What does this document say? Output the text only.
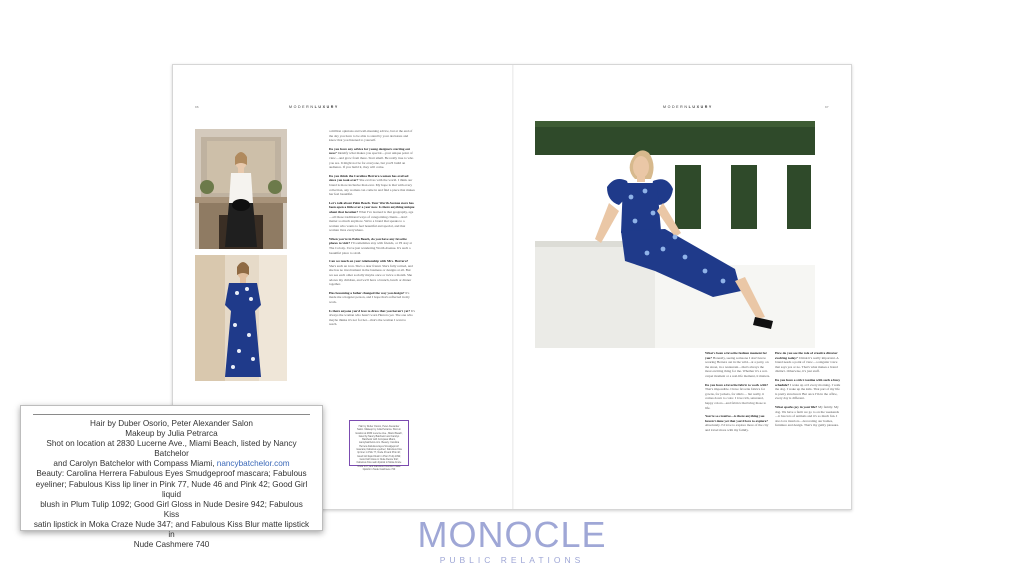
96	MODERNLUXURY

a million opinions and well-meaning advice, but at the end of the day you have to be able to stand by your decisions and know that you listened to yourself.

Do you have any advice for young designers starting out now? Identify what makes you special—your unique point of view—and grow from there. Start small. Be really true to who you are. It might not be for everyone, but you'll build an audience. If you build it, they will come.

Do you think the Carolina Herrera woman has evolved since you took over? She evolves with the world. I think our brand is more inclusive than ever. My hope is that with every collection, any woman can come in and find a piece that makes her feel beautiful.

Let's talk about Palm Beach. Your Worth Avenue store has been open a little over a year now. Is there anything unique about that location? What I've learned is that geography, age—all those traditional ways of categorizing clients—don't matter so much anymore. We're a brand that speaks to a woman who wants to feel beautiful and special, and that woman lives everywhere.

When you're in Palm Beach, do you have any favorite places to visit? I'll sometimes stay with friends, or I'll stay at The Colony. I love just wandering Worth Avenue. It's such a beautiful place to stroll.

Can we touch on your relationship with Mrs. Herrera? She's such an icon. She's a dear friend. She's fully retired, and she has no involvement in the business or designs at all. But we see each other socially maybe once or twice a month. She adores my children, and we'll have a brunch, lunch or dinner together.

Has becoming a father changed the way you design? It's made me a happier person, and I hope that's reflected in my work.

Is there anyone you'd love to dress that you haven't yet? It's always the woman who hasn't worn Herrera yet. The one who maybe thinks it's not for her—that's the woman I want to reach.

Hair by Duber Osorio, Peter Alexander Salon. Makeup by Julia Petrarca. Shot on location at 2830 Lucerne Ave., Miami Beach, listed by Nancy Batchelor and Carolyn Batchelor with Compass Miami, nancybatchelor.com. Beauty: Carolina Herrera Fabulous Eyes Smudgeproof mascara; Fabulous eyeliner; Fabulous Kiss lip liner in Pink 77, Nude 46 and Pink 42; Good Girl liquid blush in Plum Tulip 1092; Good Girl Gloss in Nude Desire 942; Fabulous Kiss satin lipstick in Moka Craze Nude 347; and Fabulous Kiss Blur matte lipstick in Nude Cashmere 740
MODERNLUXURY	97

What's been a favorite fashion moment for you? Honestly, seeing someone I don't know wearing Herrera out in the wild—at a party, on the street, in a restaurant—that's always the most exciting thing for me. Whether it's a red-carpet moment or a real-life moment, it matters.

Do you have a favorite fabric to work with? That's impossible. I have favorite fabrics for gowns, for jackets, for shirts… but really, it comes down to color. I love rich, saturated, happy colors—and fabrics that bring those to life.

You're so creative—is there anything you haven't done yet that you'd love to explore? Absolutely. I'd love to explore more of the city and travel more with my family.

How do you see the role of creative director evolving today? I think it's really important. A brand needs a point of view—a singular voice that says yes or no. That's what makes a brand distinct. Otherwise, it's just stuff.

Do you have a strict routine with such a busy schedule? I wake up at 6 every morning. I walk the dog. I wake up the kids. That part of my life is pretty structured. But once I'm in the office, every day is different.

What sparks joy in your life? My family. My dog. We have a farm we go to on the weekends—it has lots of animals and it's so much fun. I also love interiors—decorating our homes, furniture and design. That's my guilty pleasure.

Hair by Duber Osorio, Peter Alexander Salon
Makeup by Julia Petrarca
Shot on location at 2830 Lucerne Ave., Miami Beach, listed by Nancy Batchelor
and Carolyn Batchelor with Compass Miami, nancybatchelor.com
Beauty: Carolina Herrera Fabulous Eyes Smudgeproof mascara; Fabulous
eyeliner; Fabulous Kiss lip liner in Pink 77, Nude 46 and Pink 42; Good Girl liquid
blush in Plum Tulip 1092; Good Girl Gloss in Nude Desire 942; Fabulous Kiss
satin lipstick in Moka Craze Nude 347; and Fabulous Kiss Blur matte lipstick in
Nude Cashmere 740	MONOCLE
PUBLIC RELATIONS
